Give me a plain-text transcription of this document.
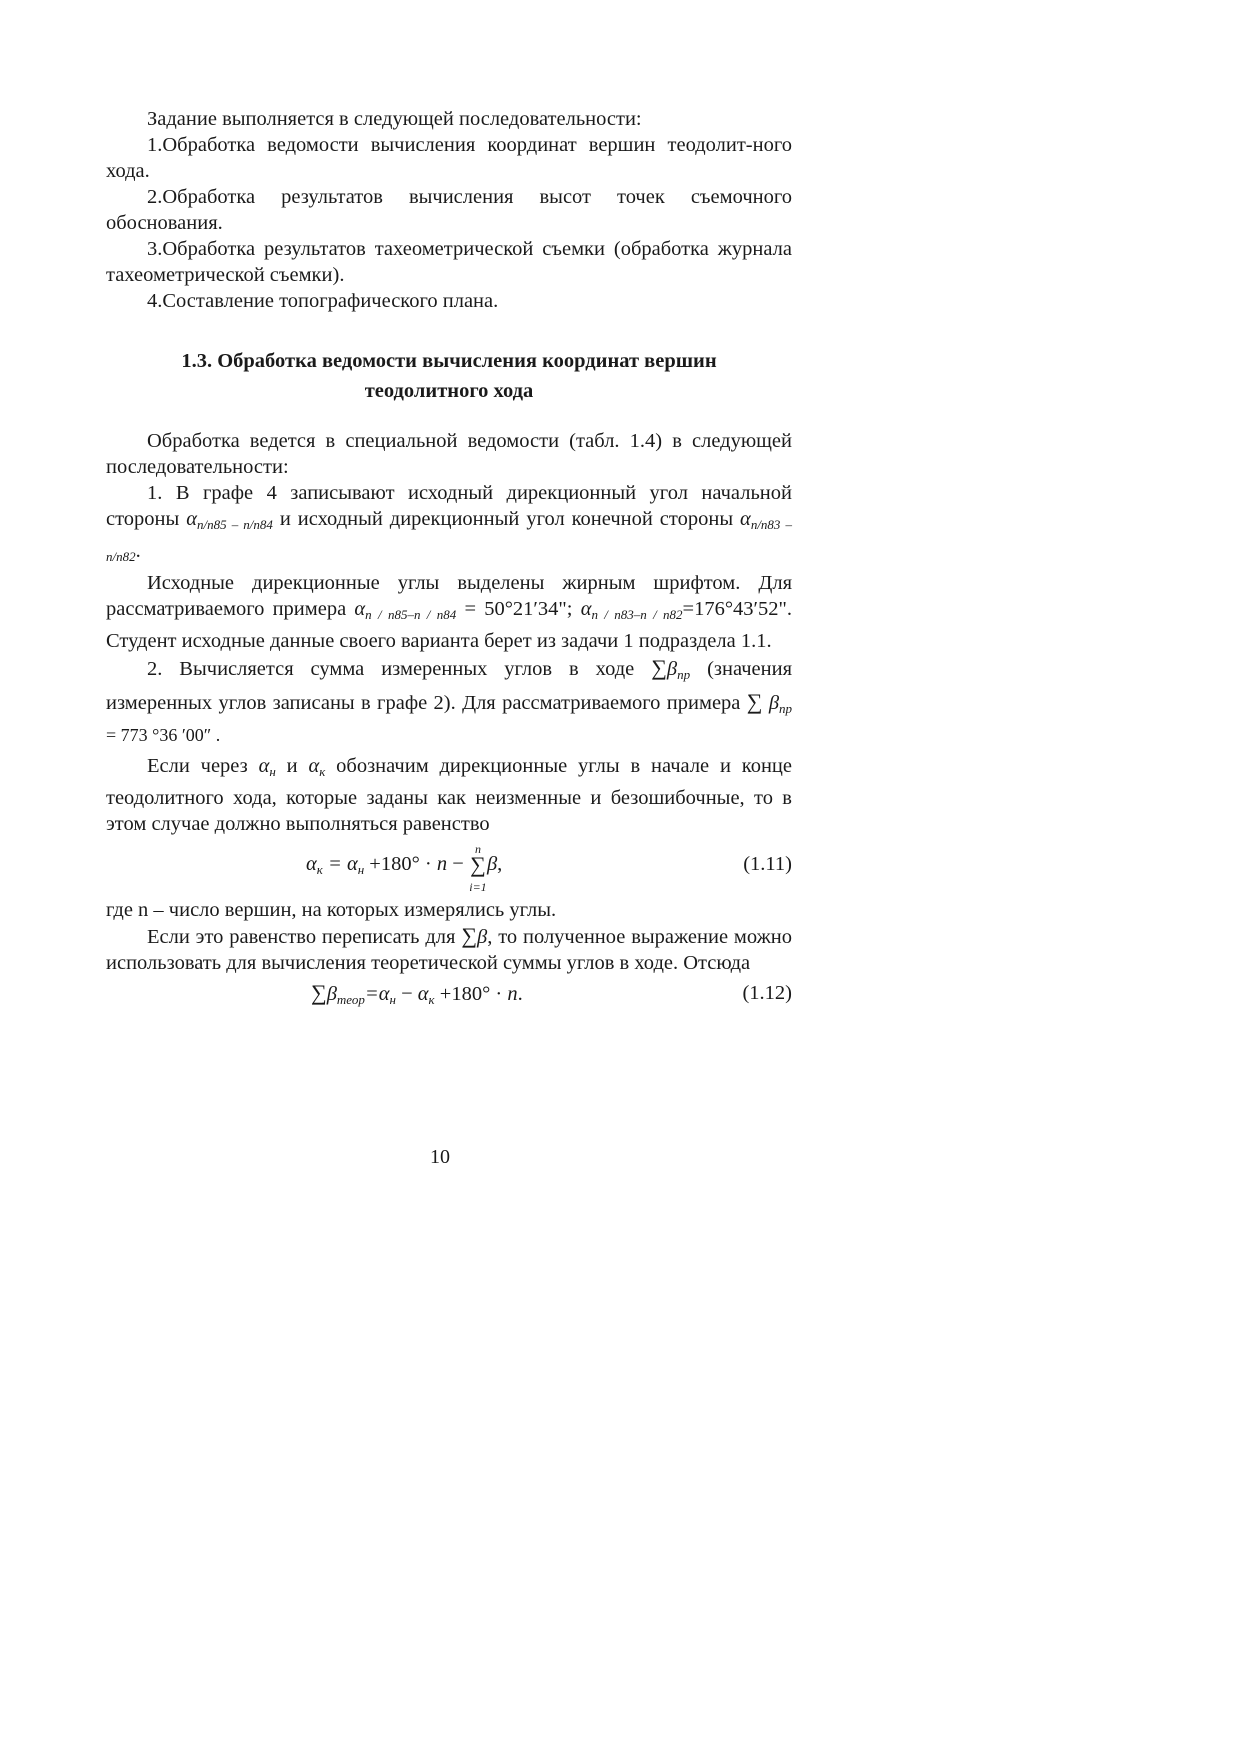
Задание выполняется в следующей последовательности:

1.Обработка ведомости вычисления координат вершин теодолит-ного хода.

2.Обработка результатов вычисления высот точек съемочного обоснования.

3.Обработка результатов тахеометрической съемки (обработка журнала тахеометрической съемки).

4.Составление топографического плана.

1.3. Обработка ведомости вычисления координат вершин
теодолитного хода

Обработка ведется в специальной ведомости (табл. 1.4) в следующей последовательности:

1. В графе 4 записывают исходный дирекционный угол начальной стороны $\alpha_{n/n85 - n/n84}$ и исходный дирекционный угол конечной стороны $\alpha_{n/n83 - n/n82}$.

Исходные дирекционные углы выделены жирным шрифтом. Для рассматриваемого примера $\alpha_{n / n85-n / n84} = 50^\circ 21'34$"; $\alpha_{n / n83-n / n82}=176^\circ 43'52$". Студент исходные данные своего варианта берет из задачи 1 подраздела 1.1.

2. Вычисляется сумма измеренных углов в ходе $\sum\beta_{пр}$ (значения измеренных углов записаны в графе 2). Для рассматриваемого примера ∑ $\beta_{пр} = 773$ °36 ′00″ .

Если через $\alpha_н$ и $\alpha_к$ обозначим дирекционные углы в начале и конце теодолитного хода, которые заданы как неизменные и безошибочные, то в этом случае должно выполняться равенство

$\alpha_к = \alpha_н +180^\circ \cdot n$ −
n
∑
i=1
β,	(1.11)

где n – число вершин, на которых измерялись углы.

Если это равенство переписать для ∑β, то полученное выражение можно использовать для вычисления теоретической суммы углов в ходе. Отсюда

$\sum\beta_{теор}=\alpha_н - \alpha_к +180^\circ \cdot n$.	(1.12)
10
